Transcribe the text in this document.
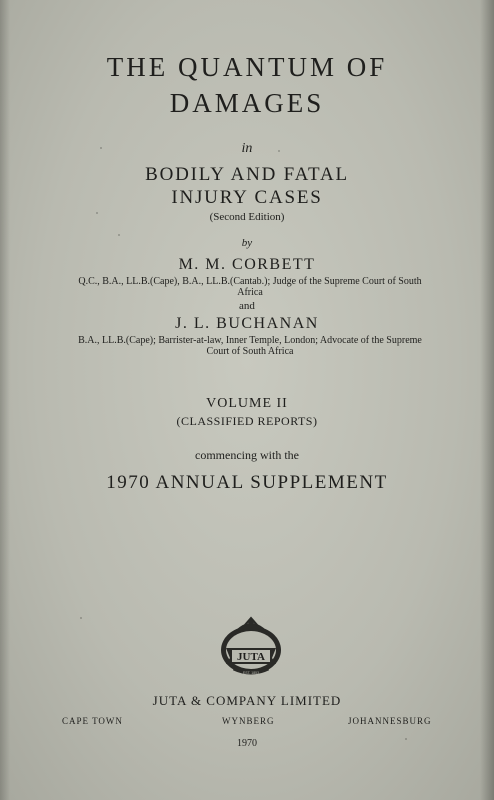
THE QUANTUM OF
DAMAGES
in
BODILY AND FATAL
INJURY CASES
(Second Edition)
by
M. M. CORBETT
Q.C., B.A., LL.B.(Cape), B.A., LL.B.(Cantab.); Judge of the Supreme Court of South Africa
and
J. L. BUCHANAN
B.A., LL.B.(Cape); Barrister-at-law, Inner Temple, London; Advocate of the Supreme Court of South Africa
VOLUME II
(CLASSIFIED REPORTS)
commencing with the
1970 ANNUAL SUPPLEMENT
JUTA
EST. 1853
JUTA & COMPANY LIMITED
CAPE TOWN	WYNBERG	JOHANNESBURG
1970
